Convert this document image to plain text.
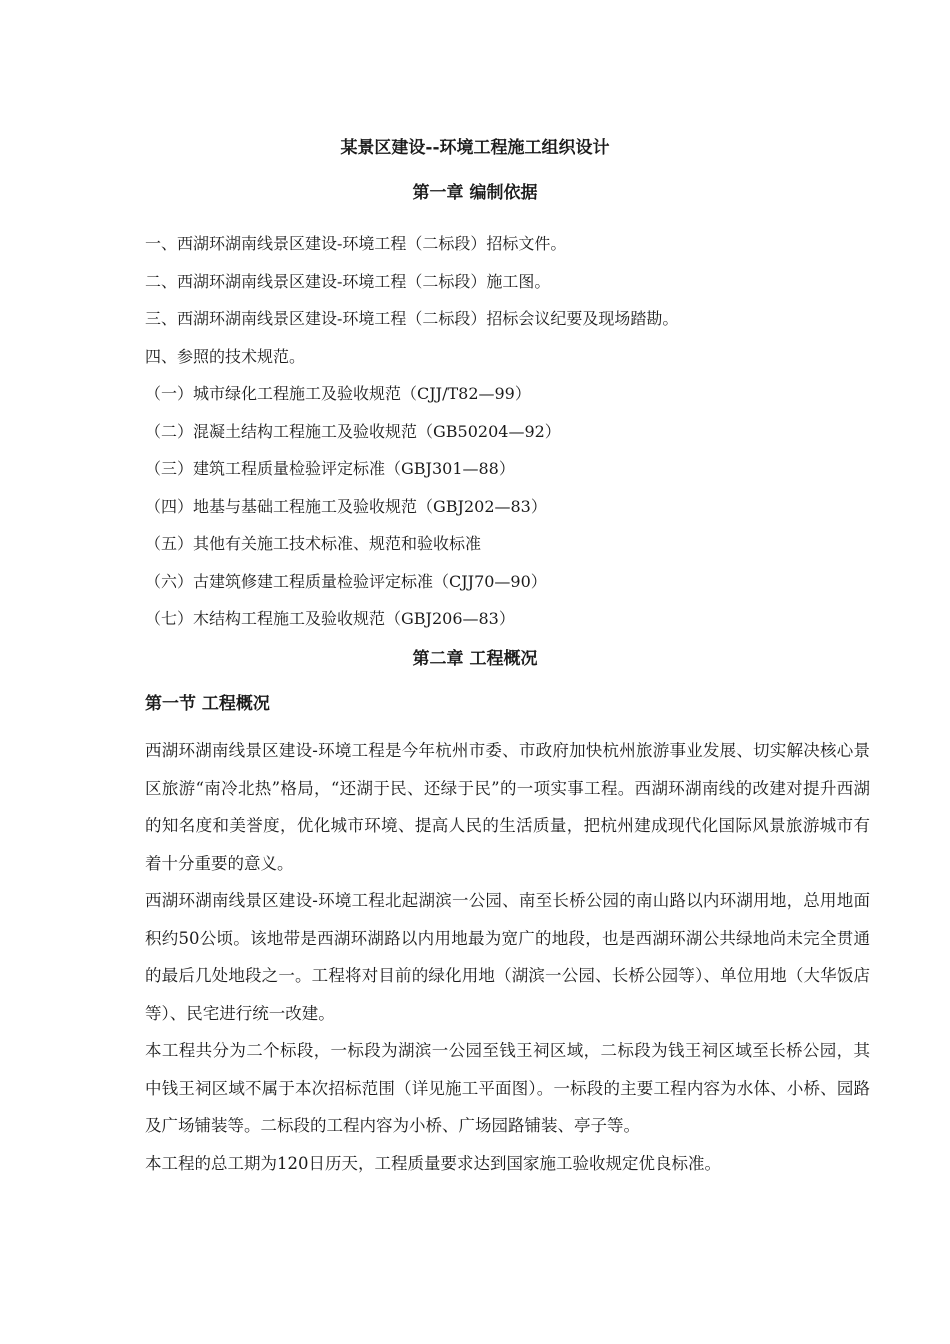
某景区建设--环境工程施工组织设计
第一章 编制依据
一、西湖环湖南线景区建设-环境工程（二标段）招标文件。
二、西湖环湖南线景区建设-环境工程（二标段）施工图。
三、西湖环湖南线景区建设-环境工程（二标段）招标会议纪要及现场踏勘。
四、参照的技术规范。
（一）城市绿化工程施工及验收规范（CJJ/T82—99）
（二）混凝土结构工程施工及验收规范（GB50204—92）
（三）建筑工程质量检验评定标准（GBJ301—88）
（四）地基与基础工程施工及验收规范（GBJ202—83）
（五）其他有关施工技术标准、规范和验收标准
（六）古建筑修建工程质量检验评定标准（CJJ70—90）
（七）木结构工程施工及验收规范（GBJ206—83）
第二章 工程概况
第一节 工程概况

西湖环湖南线景区建设-环境工程是今年杭州市委、市政府加快杭州旅游事业发展、切实解决核心景区旅游“南冷北热”格局，“还湖于民、还绿于民”的一项实事工程。西湖环湖南线的改建对提升西湖的知名度和美誉度，优化城市环境、提高人民的生活质量，把杭州建成现代化国际风景旅游城市有着十分重要的意义。

西湖环湖南线景区建设-环境工程北起湖滨一公园、南至长桥公园的南山路以内环湖用地，总用地面积约50公顷。该地带是西湖环湖路以内用地最为宽广的地段，也是西湖环湖公共绿地尚未完全贯通的最后几处地段之一。工程将对目前的绿化用地（湖滨一公园、长桥公园等）、单位用地（大华饭店等）、民宅进行统一改建。

本工程共分为二个标段，一标段为湖滨一公园至钱王祠区域，二标段为钱王祠区域至长桥公园，其中钱王祠区域不属于本次招标范围（详见施工平面图）。一标段的主要工程内容为水体、小桥、园路及广场铺装等。二标段的工程内容为小桥、广场园路铺装、亭子等。

本工程的总工期为120日历天，工程质量要求达到国家施工验收规定优良标准。
